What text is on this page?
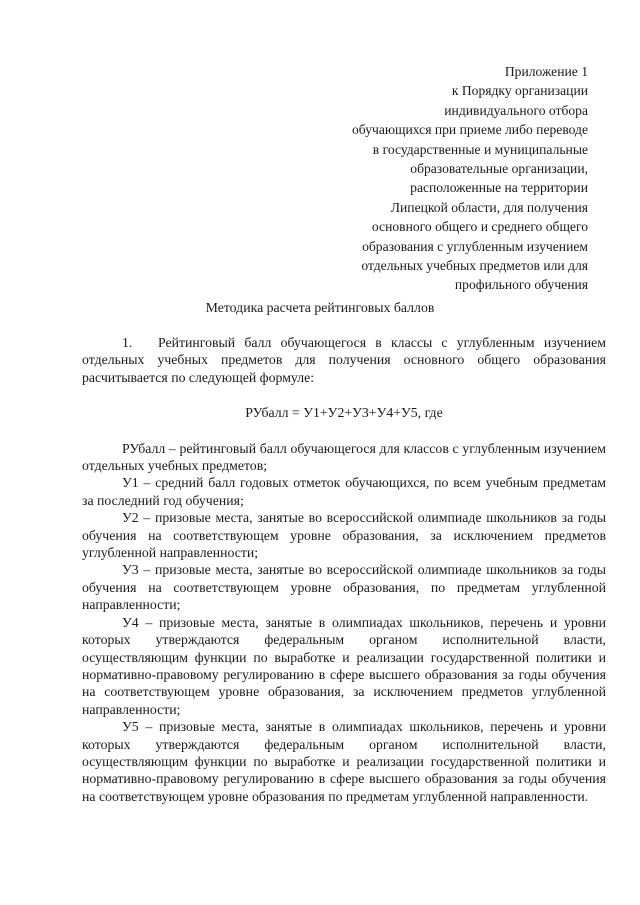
Приложение 1
к Порядку организации
индивидуального отбора
обучающихся при приеме либо переводе
в государственные и муниципальные
образовательные организации,
расположенные на территории
Липецкой области, для получения
основного общего и среднего общего
образования с углубленным изучением
отдельных учебных предметов или для
профильного обучения
Методика расчета рейтинговых баллов

1. Рейтинговый балл обучающегося в классы с углубленным изучением отдельных учебных предметов для получения основного общего образования расчитывается по следующей формуле:

РУбалл = У1+У2+У3+У4+У5, где

РУбалл – рейтинговый балл обучающегося для классов с углубленным изучением отдельных учебных предметов;

У1 – средний балл годовых отметок обучающихся, по всем учебным предметам за последний год обучения;

У2 – призовые места, занятые во всероссийской олимпиаде школьников за годы обучения на соответствующем уровне образования, за исключением предметов углубленной направленности;

У3 – призовые места, занятые во всероссийской олимпиаде школьников за годы обучения на соответствующем уровне образования, по предметам углубленной направленности;

У4 – призовые места, занятые в олимпиадах школьников, перечень и уровни которых утверждаются федеральным органом исполнительной власти, осуществляющим функции по выработке и реализации государственной политики и нормативно-правовому регулированию в сфере высшего образования за годы обучения на соответствующем уровне образования, за исключением предметов углубленной направленности;

У5 – призовые места, занятые в олимпиадах школьников, перечень и уровни которых утверждаются федеральным органом исполнительной власти, осуществляющим функции по выработке и реализации государственной политики и нормативно-правовому регулированию в сфере высшего образования за годы обучения на соответствующем уровне образования по предметам углубленной направленности.
